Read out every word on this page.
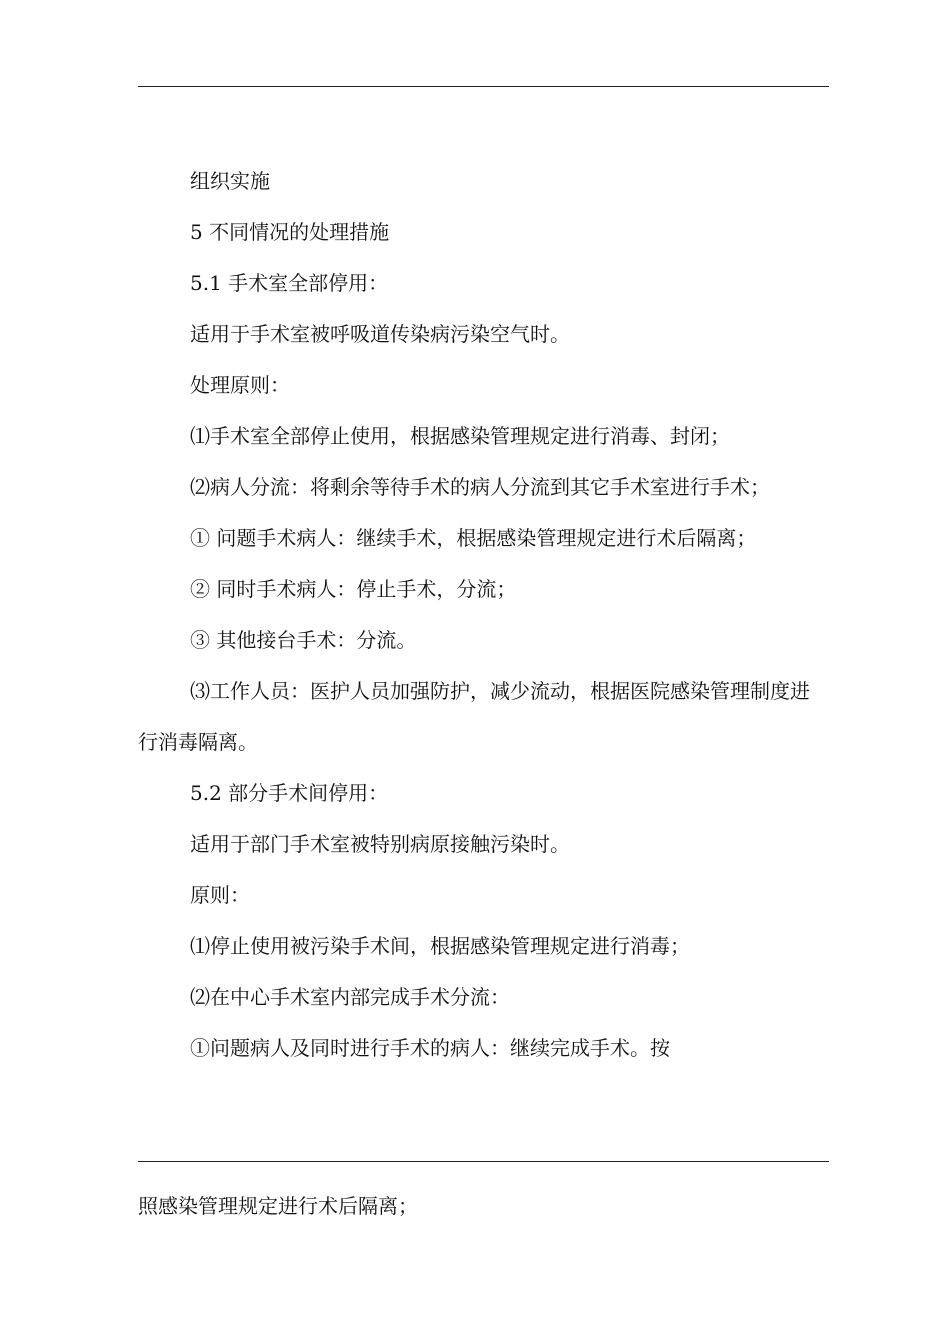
组织实施

5 不同情况的处理措施

5.1 手术室全部停用：

适用于手术室被呼吸道传染病污染空气时。

处理原则：

⑴手术室全部停止使用，根据感染管理规定进行消毒、封闭；

⑵病人分流：将剩余等待手术的病人分流到其它手术室进行手术；

① 问题手术病人：继续手术，根据感染管理规定进行术后隔离；

② 同时手术病人：停止手术，分流；

③ 其他接台手术：分流。

⑶工作人员：医护人员加强防护，减少流动，根据医院感染管理制度进行消毒隔离。

5.2 部分手术间停用：

适用于部门手术室被特别病原接触污染时。

原则：

⑴停止使用被污染手术间，根据感染管理规定进行消毒；

⑵在中心手术室内部完成手术分流：

①问题病人及同时进行手术的病人：继续完成手术。按

照感染管理规定进行术后隔离；
